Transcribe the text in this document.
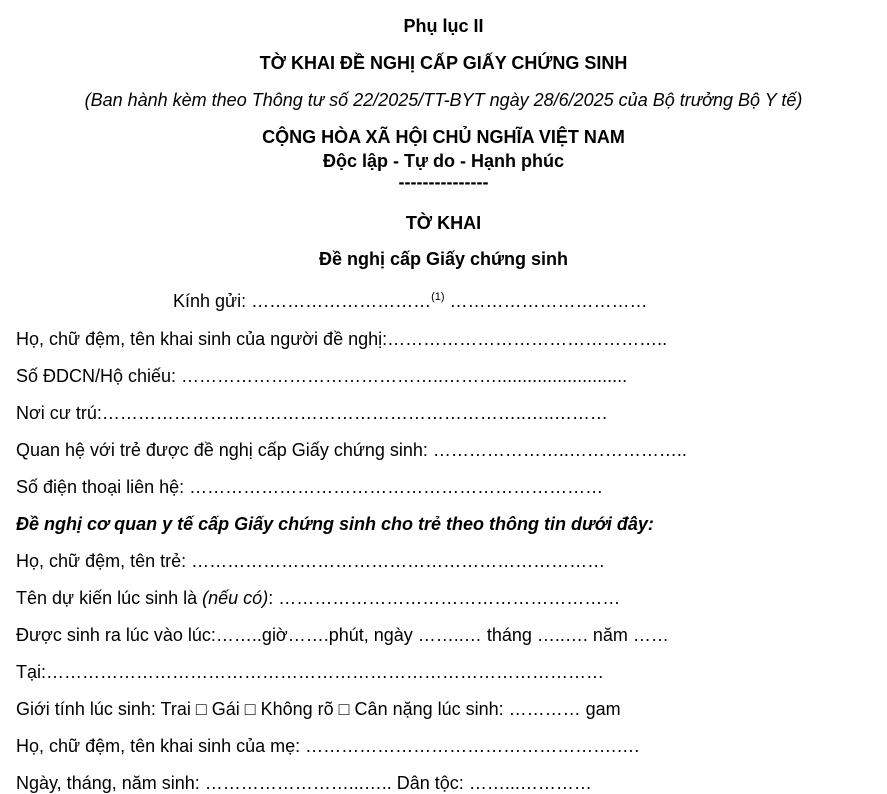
Phụ lục II
TỜ KHAI ĐỀ NGHỊ CẤP GIẤY CHỨNG SINH
(Ban hành kèm theo Thông tư số 22/2025/TT-BYT ngày 28/6/2025 của Bộ trưởng Bộ Y tế)
CỘNG HÒA XÃ HỘI CHỦ NGHĨA VIỆT NAM
Độc lập - Tự do - Hạnh phúc
---------------
TỜ KHAI
Đề nghị cấp Giấy chứng sinh
Kính gửi: …………………………$^{(1)}$ ……………………………
Họ, chữ đệm, tên khai sinh của người đề nghị:………………………………………..
Số ĐDCN/Hộ chiếu: ……………………………………..………..........................
Nơi cư trú:……………………………………………………………..…..………
Quan hệ với trẻ được đề nghị cấp Giấy chứng sinh: …………………..………………..
Số điện thoại liên hệ: ……………………………………………………………
Đề nghị cơ quan y tế cấp Giấy chứng sinh cho trẻ theo thông tin dưới đây:
Họ, chữ đệm, tên trẻ: ……………………………………………………………
Tên dự kiến lúc sinh là (nếu có): …………………………………………………
Được sinh ra lúc vào lúc:……..giờ…….phút, ngày ……..… tháng …..…. năm ……
Tại:…………………………………………………………………………………
Giới tính lúc sinh: Trai □ Gái □ Không rõ □ Cân nặng lúc sinh: ………… gam
Họ, chữ đệm, tên khai sinh của mẹ: …………………………………………….….
Ngày, tháng, năm sinh: ……………………...….. Dân tộc: ……...…………
